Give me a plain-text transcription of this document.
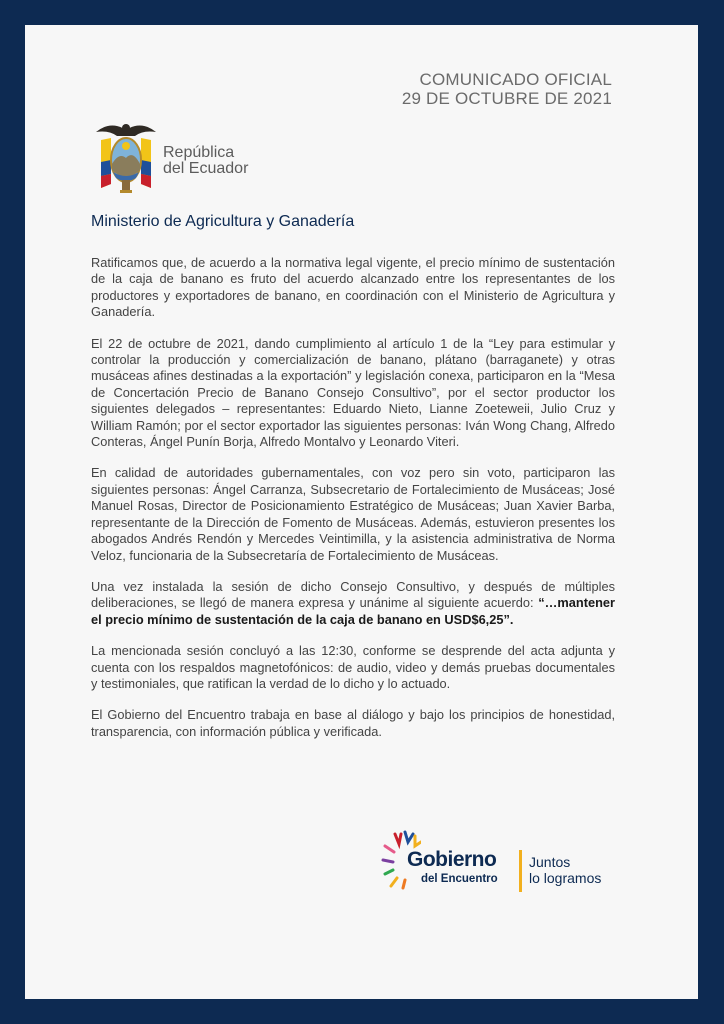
COMUNICADO OFICIAL
29 DE OCTUBRE DE 2021
República
del Ecuador
Ministerio de Agricultura y Ganadería

Ratificamos que, de acuerdo a la normativa legal vigente, el precio mínimo de sustentación de la caja de banano es fruto del acuerdo alcanzado entre los representantes de los productores y exportadores de banano, en coordinación con el Ministerio de Agricultura y Ganadería.

El 22 de octubre de 2021, dando cumplimiento al artículo 1 de la “Ley para estimular y controlar la producción y comercialización de banano, plátano (barraganete) y otras musáceas afines destinadas a la exportación” y legislación conexa, participaron en la “Mesa de Concertación Precio de Banano Consejo Consultivo”, por el sector productor los siguientes delegados – representantes: Eduardo Nieto, Lianne Zoeteweii, Julio Cruz y William Ramón; por el sector exportador las siguientes personas: Iván Wong Chang, Alfredo Conteras, Ángel Punín Borja, Alfredo Montalvo y Leonardo Viteri.

En calidad de autoridades gubernamentales, con voz pero sin voto, participaron las siguientes personas: Ángel Carranza, Subsecretario de Fortalecimiento de Musáceas; José Manuel Rosas, Director de Posicionamiento Estratégico de Musáceas; Juan Xavier Barba, representante de la Dirección de Fomento de Musáceas. Además, estuvieron presentes los abogados Andrés Rendón y Mercedes Veintimilla, y la asistencia administrativa de Norma Veloz, funcionaria de la Subsecretaría de Fortalecimiento de Musáceas.

Una vez instalada la sesión de dicho Consejo Consultivo, y después de múltiples deliberaciones, se llegó de manera expresa y unánime al siguiente acuerdo: “…mantener el precio mínimo de sustentación de la caja de banano en USD$6,25”.

La mencionada sesión concluyó a las 12:30, conforme se desprende del acta adjunta y cuenta con los respaldos magnetofónicos: de audio, video y demás pruebas documentales y testimoniales, que ratifican la verdad de lo dicho y lo actuado.

El Gobierno del Encuentro trabaja en base al diálogo y bajo los principios de honestidad, transparencia, con información pública y verificada.

Gobierno
del Encuentro
Juntos
lo logramos
